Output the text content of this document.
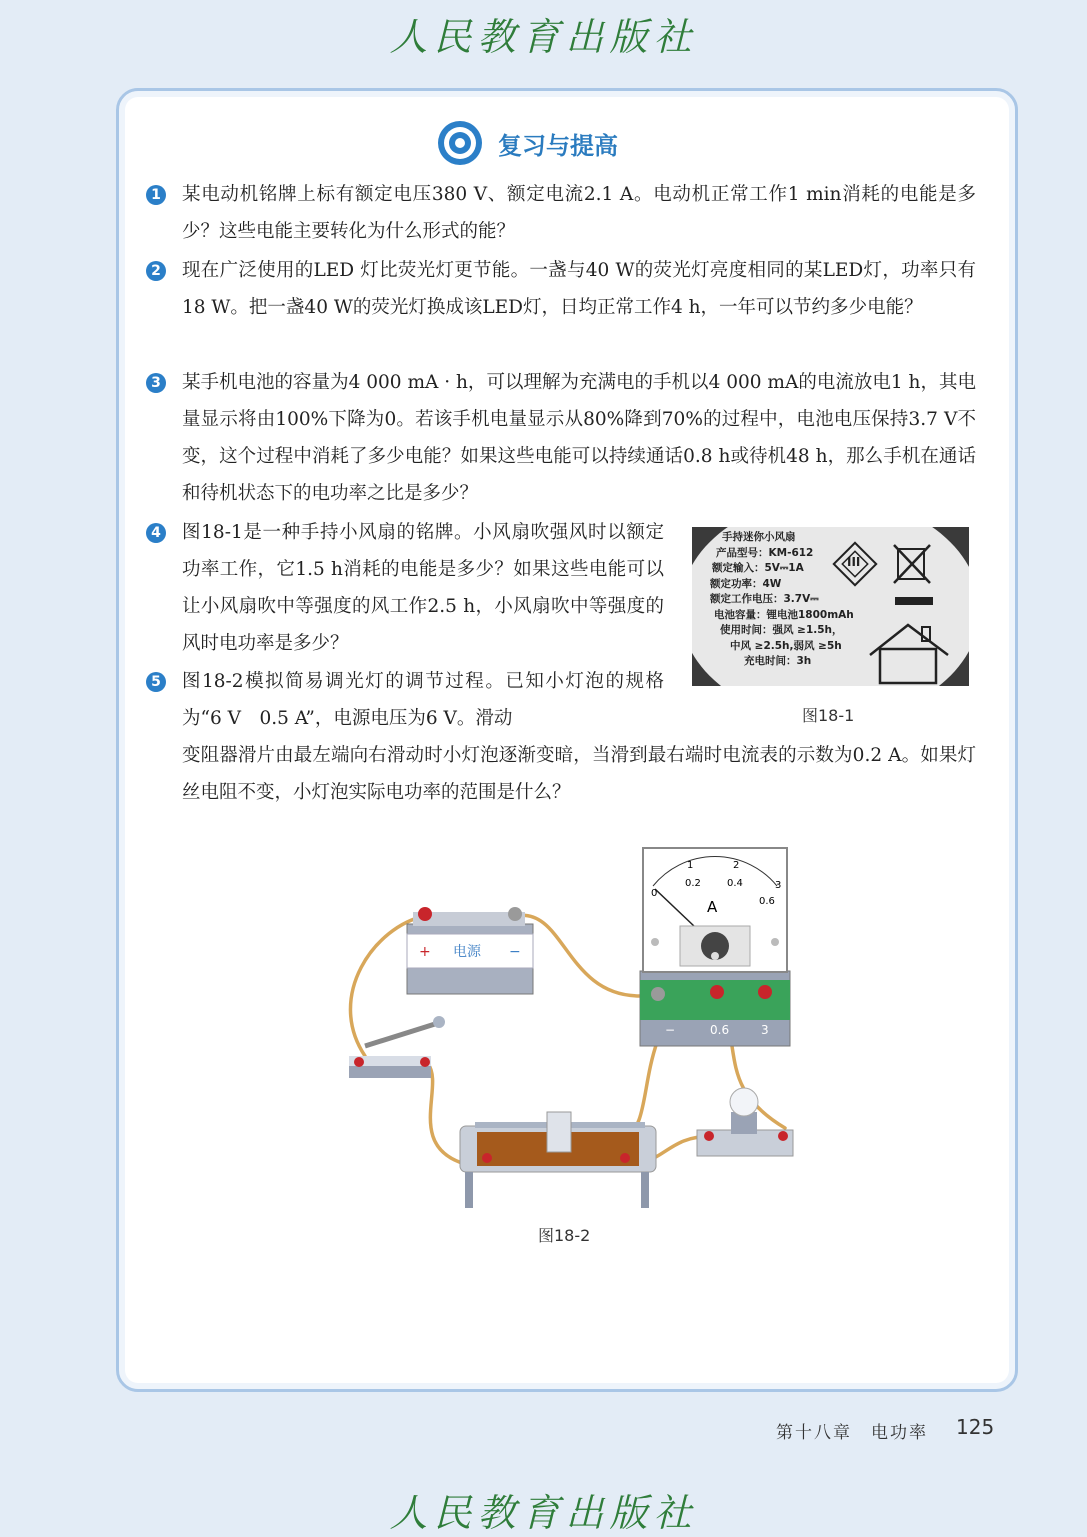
人民教育出版社
复习与提高
1 某电动机铭牌上标有额定电压380 V、额定电流2.1 A。电动机正常工作1 min消耗的电能是多少？这些电能主要转化为什么形式的能？
2 现在广泛使用的LED 灯比荧光灯更节能。一盏与40 W的荧光灯亮度相同的某LED灯，功率只有18 W。把一盏40 W的荧光灯换成该LED灯，日均正常工作4 h，一年可以节约多少电能？
3 某手机电池的容量为4 000 mA · h，可以理解为充满电的手机以4 000 mA的电流放电1 h，其电量显示将由100%下降为0。若该手机电量显示从80%降到70%的过程中，电池电压保持3.7 V不变，这个过程中消耗了多少电能？如果这些电能可以持续通话0.8 h或待机48 h，那么手机在通话和待机状态下的电功率之比是多少？
4 图18-1是一种手持小风扇的铭牌。小风扇吹强风时以额定功率工作，它1.5 h消耗的电能是多少？如果这些电能可以让小风扇吹中等强度的风工作2.5 h，小风扇吹中等强度的风时电功率是多少？
手持迷你小风扇
产品型号：KM-612
额定输入：5V⎓1A
额定功率：4W
额定工作电压：3.7V⎓
电池容量：锂电池1800mAh
使用时间：强风 ≥1.5h，
中风 ≥2.5h,弱风 ≥5h
充电时间：3h
III
图18-1
5 图18-2模拟简易调光灯的调节过程。已知小灯泡的规格为“6 V　0.5 A”，电源电压为6 V。滑动
变阻器滑片由最左端向右滑动时小灯泡逐渐变暗，当滑到最右端时电流表的示数为0.2 A。如果灯丝电阻不变，小灯泡实际电功率的范围是什么？
+ 电源 −
1	2
0
0.2	0.4
0.6
3
A
−	0.6	3
图18-2
第十八章　电功率 125
人民教育出版社
